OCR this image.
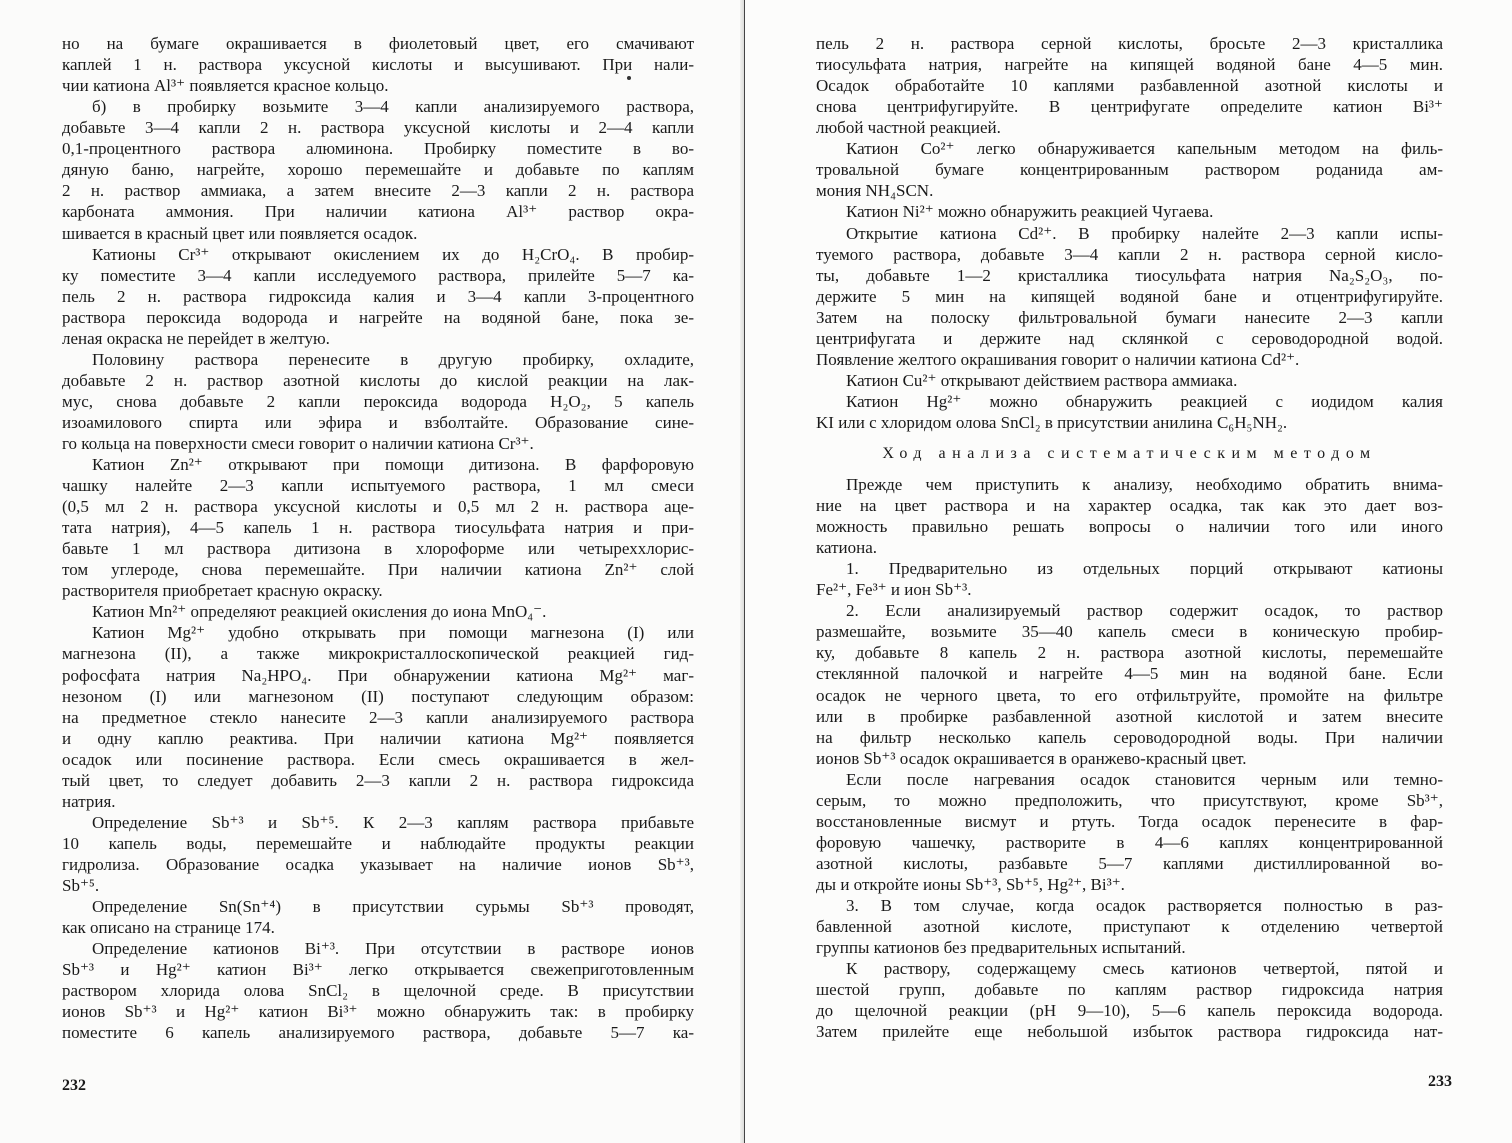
но на бумаге окрашивается в фиолетовый цвет, его смачивают
каплей 1 н. раствора уксусной кислоты и высушивают. При нали-
чии катиона Al³⁺ появляется красное кольцо.
б) в пробирку возьмите 3—4 капли анализируемого раствора,
добавьте 3—4 капли 2 н. раствора уксусной кислоты и 2—4 капли
0,1-процентного раствора алюминона. Пробирку поместите в во-
дяную баню, нагрейте, хорошо перемешайте и добавьте по каплям
2 н. раствор аммиака, а затем внесите 2—3 капли 2 н. раствора
карбоната аммония. При наличии катиона Al³⁺ раствор окра-
шивается в красный цвет или появляется осадок.
Катионы Cr³⁺ открывают окислением их до H₂CrO₄. В пробир-
ку поместите 3—4 капли исследуемого раствора, прилейте 5—7 ка-
пель 2 н. раствора гидроксида калия и 3—4 капли 3-процентного
раствора пероксида водорода и нагрейте на водяной бане, пока зе-
леная окраска не перейдет в желтую.
Половину раствора перенесите в другую пробирку, охладите,
добавьте 2 н. раствор азотной кислоты до кислой реакции на лак-
мус, снова добавьте 2 капли пероксида водорода H₂O₂, 5 капель
изоамилового спирта или эфира и взболтайте. Образование сине-
го кольца на поверхности смеси говорит о наличии катиона Cr³⁺.
Катион Zn²⁺ открывают при помощи дитизона. В фарфоровую
чашку налейте 2—3 капли испытуемого раствора, 1 мл смеси
(0,5 мл 2 н. раствора уксусной кислоты и 0,5 мл 2 н. раствора аце-
тата натрия), 4—5 капель 1 н. раствора тиосульфата натрия и при-
бавьте 1 мл раствора дитизона в хлороформе или четыреххлорис-
том углероде, снова перемешайте. При наличии катиона Zn²⁺ слой
растворителя приобретает красную окраску.
Катион Mn²⁺ определяют реакцией окисления до иона MnO₄⁻.
Катион Mg²⁺ удобно открывать при помощи магнезона (I) или
магнезона (II), а также микрокристаллоскопической реакцией гид-
рофосфата натрия Na₂HPO₄. При обнаружении катиона Mg²⁺ маг-
незоном (I) или магнезоном (II) поступают следующим образом:
на предметное стекло нанесите 2—3 капли анализируемого раствора
и одну каплю реактива. При наличии катиона Mg²⁺ появляется
осадок или посинение раствора. Если смесь окрашивается в жел-
тый цвет, то следует добавить 2—3 капли 2 н. раствора гидроксида
натрия.
Определение Sb⁺³ и Sb⁺⁵. К 2—3 каплям раствора прибавьте
10 капель воды, перемешайте и наблюдайте продукты реакции
гидролиза. Образование осадка указывает на наличие ионов Sb⁺³,
Sb⁺⁵.
Определение Sn(Sn⁺⁴) в присутствии сурьмы Sb⁺³ проводят,
как описано на странице 174.
Определение катионов Bi⁺³. При отсутствии в растворе ионов
Sb⁺³ и Hg²⁺ катион Bi³⁺ легко открывается свежеприготовленным
раствором хлорида олова SnCl₂ в щелочной среде. В присутствии
ионов Sb⁺³ и Hg²⁺ катион Bi³⁺ можно обнаружить так: в пробирку
поместите 6 капель анализируемого раствора, добавьте 5—7 ка-
232
пель 2 н. раствора серной кислоты, бросьте 2—3 кристаллика
тиосульфата натрия, нагрейте на кипящей водяной бане 4—5 мин.
Осадок обработайте 10 каплями разбавленной азотной кислоты и
снова центрифугируйте. В центрифугате определите катион Bi³⁺
любой частной реакцией.
Катион Co²⁺ легко обнаруживается капельным методом на филь-
тровальной бумаге концентрированным раствором роданида ам-
мония NH₄SCN.
Катион Ni²⁺ можно обнаружить реакцией Чугаева.
Открытие катиона Cd²⁺. В пробирку налейте 2—3 капли испы-
туемого раствора, добавьте 3—4 капли 2 н. раствора серной кисло-
ты, добавьте 1—2 кристаллика тиосульфата натрия Na₂S₂O₃, по-
держите 5 мин на кипящей водяной бане и отцентрифугируйте.
Затем на полоску фильтровальной бумаги нанесите 2—3 капли
центрифугата и держите над склянкой с сероводородной водой.
Появление желтого окрашивания говорит о наличии катиона Cd²⁺.
Катион Cu²⁺ открывают действием раствора аммиака.
Катион Hg²⁺ можно обнаружить реакцией с иодидом калия
KI или с хлоридом олова SnCl₂ в присутствии анилина C₆H₅NH₂.
Ход анализа систематическим методом
Прежде чем приступить к анализу, необходимо обратить внима-
ние на цвет раствора и на характер осадка, так как это дает воз-
можность правильно решать вопросы о наличии того или иного
катиона.
1. Предварительно из отдельных порций открывают катионы
Fe²⁺, Fe³⁺ и ион Sb⁺³.
2. Если анализируемый раствор содержит осадок, то раствор
размешайте, возьмите 35—40 капель смеси в коническую пробир-
ку, добавьте 8 капель 2 н. раствора азотной кислоты, перемешайте
стеклянной палочкой и нагрейте 4—5 мин на водяной бане. Если
осадок не черного цвета, то его отфильтруйте, промойте на фильтре
или в пробирке разбавленной азотной кислотой и затем внесите
на фильтр несколько капель сероводородной воды. При наличии
ионов Sb⁺³ осадок окрашивается в оранжево-красный цвет.
Если после нагревания осадок становится черным или темно-
серым, то можно предположить, что присутствуют, кроме Sb³⁺,
восстановленные висмут и ртуть. Тогда осадок перенесите в фар-
форовую чашечку, растворите в 4—6 каплях концентрированной
азотной кислоты, разбавьте 5—7 каплями дистиллированной во-
ды и откройте ионы Sb⁺³, Sb⁺⁵, Hg²⁺, Bi³⁺.
3. В том случае, когда осадок растворяется полностью в раз-
бавленной азотной кислоте, приступают к отделению четвертой
группы катионов без предварительных испытаний.
К раствору, содержащему смесь катионов четвертой, пятой и
шестой групп, добавьте по каплям раствор гидроксида натрия
до щелочной реакции (pH 9—10), 5—6 капель пероксида водорода.
Затем прилейте еще небольшой избыток раствора гидроксида нат-
233
